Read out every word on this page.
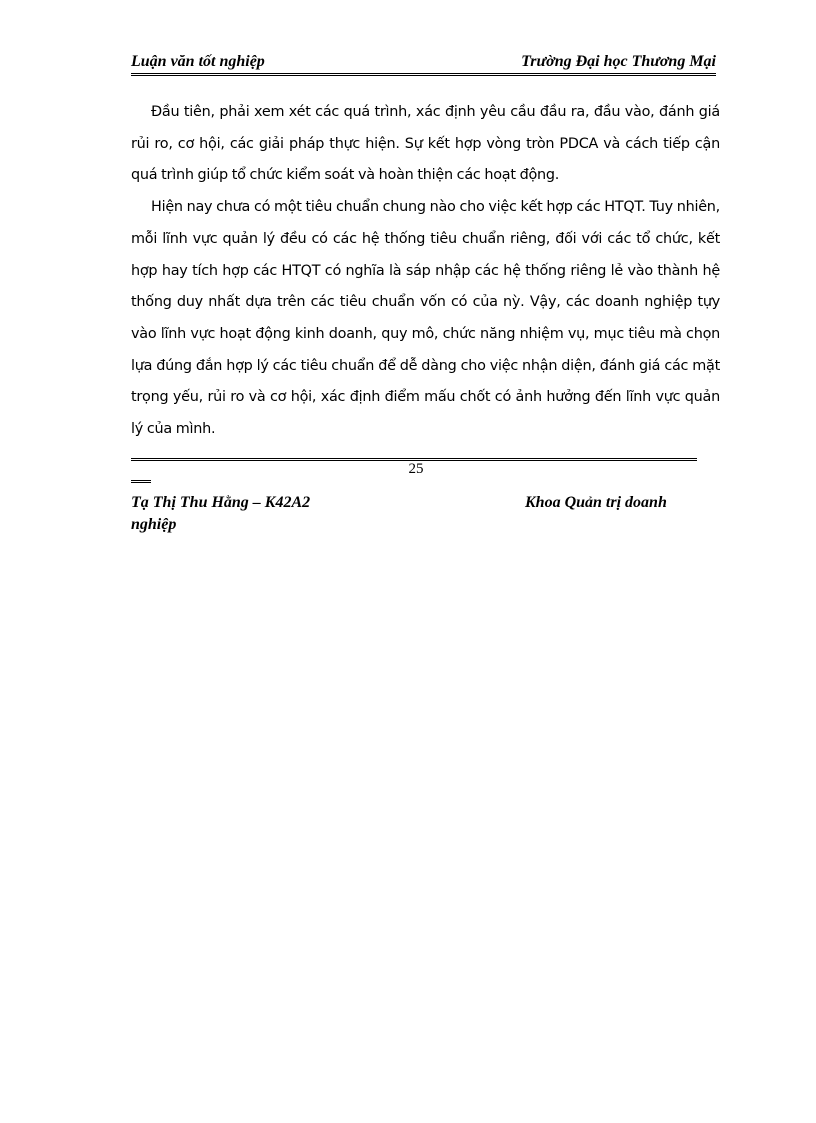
Luận văn tốt nghiệp	Trường Đại học Thương Mại

Đầu tiên, phải xem xét các quá trình, xác định yêu cầu đầu ra, đầu vào, đánh giá rủi ro, cơ hội, các giải pháp thực hiện. Sự kết hợp vòng tròn PDCA và cách tiếp cận quá trình giúp tổ chức kiểm soát và hoàn thiện các hoạt động.

Hiện nay chưa có một tiêu chuẩn chung nào cho việc kết hợp các HTQT. Tuy nhiên, mỗi lĩnh vực quản lý đều có các hệ thống tiêu chuẩn riêng, đối với các tổ chức, kết hợp hay tích hợp các HTQT có nghĩa là sáp nhập các hệ thống riêng lẻ vào thành hệ thống duy nhất dựa trên các tiêu chuẩn vốn có của nỳ. Vậy, các doanh nghiệp tựy vào lĩnh vực hoạt động kinh doanh, quy mô, chức năng nhiệm vụ, mục tiêu mà chọn lựa đúng đắn hợp lý các tiêu chuẩn để dễ dàng cho việc nhận diện, đánh giá các mặt trọng yếu, rủi ro và cơ hội, xác định điểm mấu chốt có ảnh hưởng đến lĩnh vực quản lý của mình.

25
Tạ Thị Thu Hằng – K42A2	Khoa Quản trị doanh
nghiệp
